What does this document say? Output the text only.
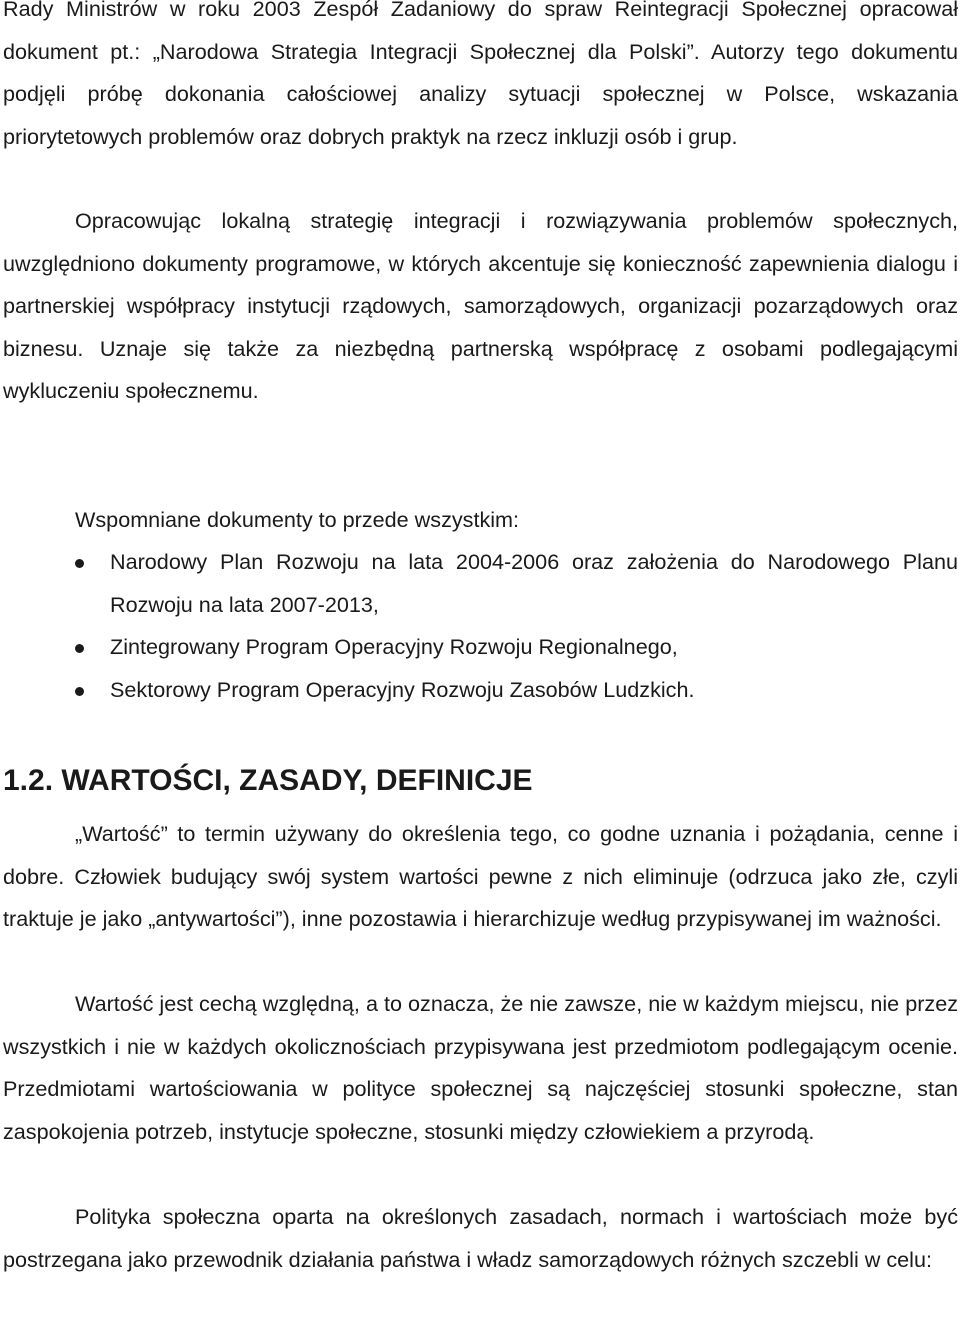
Rady Ministrów w roku 2003 Zespół Zadaniowy do spraw Reintegracji Społecznej opracował dokument pt.: „Narodowa Strategia Integracji Społecznej dla Polski”. Autorzy tego dokumentu podjęli próbę dokonania całościowej analizy sytuacji społecznej w Polsce, wskazania priorytetowych problemów oraz dobrych praktyk na rzecz inkluzji osób i grup.

Opracowując lokalną strategię integracji i rozwiązywania problemów społecznych, uwzględniono dokumenty programowe, w których akcentuje się konieczność zapewnienia dialogu i partnerskiej współpracy instytucji rządowych, samorządowych, organizacji pozarządowych oraz biznesu. Uznaje się także za niezbędną partnerską współpracę z osobami podlegającymi wykluczeniu społecznemu.

Wspomniane dokumenty to przede wszystkim:

Narodowy Plan Rozwoju na lata 2004-2006 oraz założenia do Narodowego Planu Rozwoju na lata 2007-2013,
Zintegrowany Program Operacyjny Rozwoju Regionalnego,
Sektorowy Program Operacyjny Rozwoju Zasobów Ludzkich.
1.2. WARTOŚCI, ZASADY, DEFINICJE

„Wartość” to termin używany do określenia tego, co godne uznania i pożądania, cenne i dobre. Człowiek budujący swój system wartości pewne z nich eliminuje (odrzuca jako złe, czyli traktuje je jako „antywartości”), inne pozostawia i hierarchizuje według przypisywanej im ważności.

Wartość jest cechą względną, a to oznacza, że nie zawsze, nie w każdym miejscu, nie przez wszystkich i nie w każdych okolicznościach przypisywana jest przedmiotom podlegającym ocenie. Przedmiotami wartościowania w polityce społecznej są najczęściej stosunki społeczne, stan zaspokojenia potrzeb, instytucje społeczne, stosunki między człowiekiem a przyrodą.

Polityka społeczna oparta na określonych zasadach, normach i wartościach może być postrzegana jako przewodnik działania państwa i władz samorządowych różnych szczebli w celu:
